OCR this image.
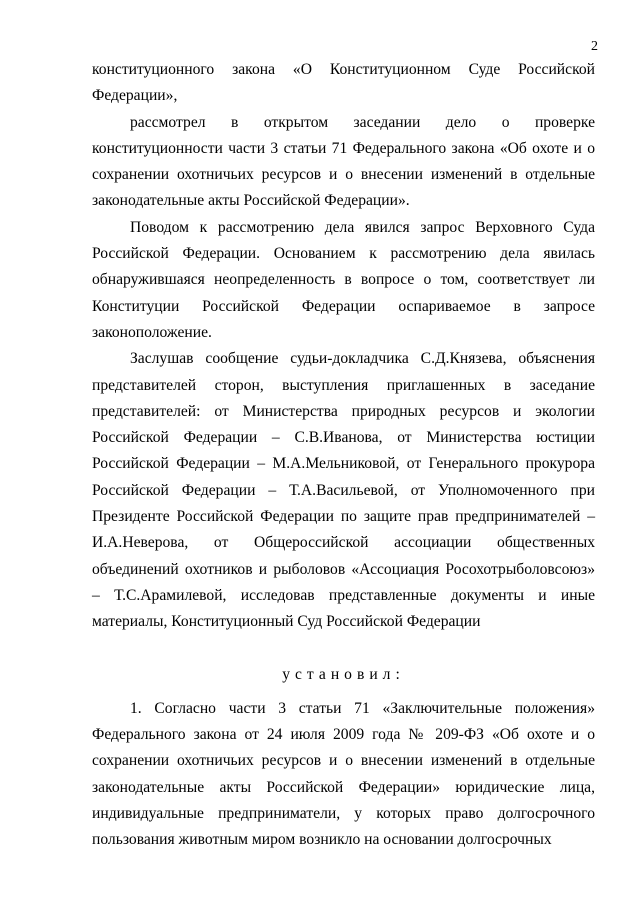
2

конституционного закона «О Конституционном Суде Российской Федерации»,

рассмотрел в открытом заседании дело о проверке конституционности части 3 статьи 71 Федерального закона «Об охоте и о сохранении охотничьих ресурсов и о внесении изменений в отдельные законодательные акты Российской Федерации».

Поводом к рассмотрению дела явился запрос Верховного Суда Российской Федерации. Основанием к рассмотрению дела явилась обнаружившаяся неопределенность в вопросе о том, соответствует ли Конституции Российской Федерации оспариваемое в запросе законоположение.

Заслушав сообщение судьи-докладчика С.Д.Князева, объяснения представителей сторон, выступления приглашенных в заседание представителей: от Министерства природных ресурсов и экологии Российской Федерации – С.В.Иванова, от Министерства юстиции Российской Федерации – М.А.Мельниковой, от Генерального прокурора Российской Федерации – Т.А.Васильевой, от Уполномоченного при Президенте Российской Федерации по защите прав предпринимателей – И.А.Неверова, от Общероссийской ассоциации общественных объединений охотников и рыболовов «Ассоциация Росохотрыболовсоюз» – Т.С.Арамилевой, исследовав представленные документы и иные материалы, Конституционный Суд Российской Федерации

установил:

1. Согласно части 3 статьи 71 «Заключительные положения» Федерального закона от 24 июля 2009 года № 209-ФЗ «Об охоте и о сохранении охотничьих ресурсов и о внесении изменений в отдельные законодательные акты Российской Федерации» юридические лица, индивидуальные предприниматели, у которых право долгосрочного пользования животным миром возникло на основании долгосрочных
